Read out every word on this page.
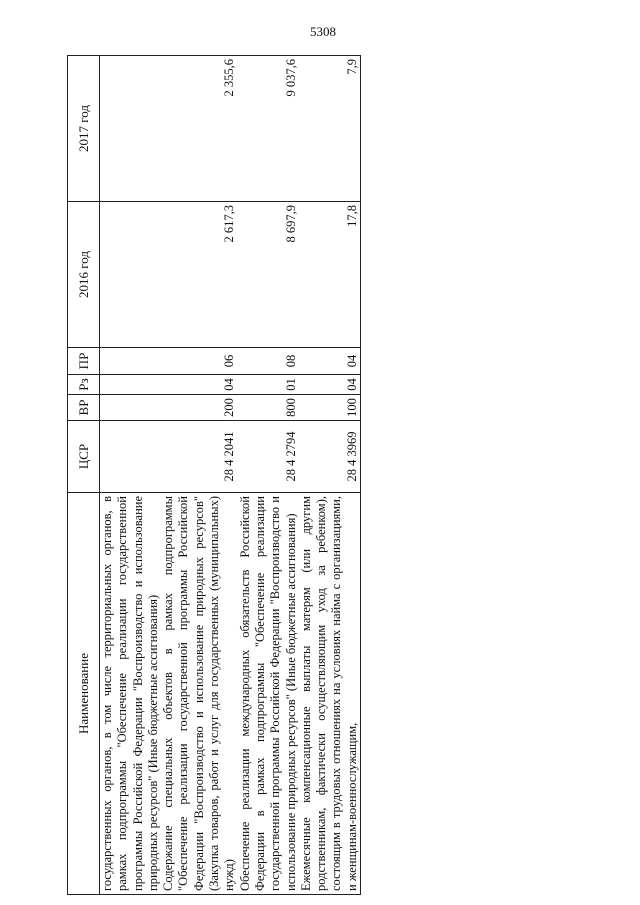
5308
Наименование	ЦСР	ВР	Рз	ПР	2016 год	2017 год
государственных органов, в том числе территориальных органов, в рамках подпрограммы "Обеспечение реализации государственной программы Российской Федерации "Воспроизводство и использование природных ресурсов" (Иные бюджетные ассигнования)						
Содержание специальных объектов в рамках подпрограммы "Обеспечение реализации государственной программы Российской Федерации "Воспроизводство и использование природных ресурсов" (Закупка товаров, работ и услуг для государственных (муниципальных) нужд)	28 4 2041	200	04	06	2 617,3	2 355,6
Обеспечение реализации международных обязательств Российской Федерации в рамках подпрограммы "Обеспечение реализации государственной программы Российской Федерации "Воспроизводство и использование природных ресурсов" (Иные бюджетные ассигнования)	28 4 2794	800	01	08	8 697,9	9 037,6
Ежемесячные компенсационные выплаты матерям (или другим родственникам, фактически осуществляющим уход за ребенком), состоящим в трудовых отношениях на условиях найма с организациями, и женщинам-военнослужащим,	28 4 3969	100	04	04	17,8	7,9
